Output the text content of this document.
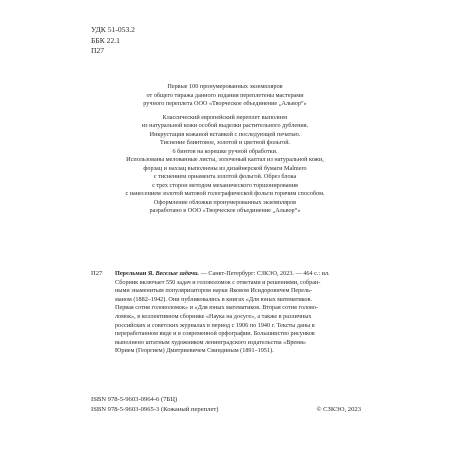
УДК 51-053.2
ББК 22.1
П27

Первые 100 пронумерованных экземпляров
от общего тиража данного издания переплетены мастерами
ручного переплета ООО «Творческое объединение „Альвор“»

Классический европейский переплет выполнен
из натуральной кожи особой выделки растительного дубления.
Инкрустация кожаной вставкой с последующей печатью.
Тиснение блинтовое, золотой и цветной фольгой.
6 бинтов на корешке ручной обработки.
Использованы мелованные листы, золоченый каптал из натуральной кожи,
форзац и нахзац выполнены из дизайнерской бумаги Malmero
с тиснением орнамента золотой фольгой. Обрез блока
с трех сторон методом механического торшонирования
с нанесением золотой матовой голографической фольги горячим способом.
Оформление обложки пронумерованных экземпляров
разработано в ООО «Творческое объединение „Альвор“»

П27 Перельман Я. Веселые задачи. — Санкт-Петербург: СЗКЭО, 2023. — 464 с.: ил.
Сборник включает 550 задач и головоломок с ответами и решениями, собран-
ными знаменитым популяризатором науки Яковом Исидоровичем Перель-
маном (1882–1942). Они публиковались в книгах «Для юных математиков.
Первая сотня головоломок» и «Для юных математиков. Вторая сотня голово-
ломок», в коллективном сборнике «Наука на досуге», а также в различных
российских и советских журналах в период с 1906 по 1940 г. Тексты даны в
переработанном виде и в современной орфографии. Большинство рисунков
выполнено штатным художником ленинградского издательства «Время»
Юрием (Георгием) Дмитриевичем Свиндиным (1891–1951).
ISBN 978-5-9603-0964-6 (7БЦ)
ISBN 978-5-9603-0965-3 (Кожаный переплет)	© СЗКЭО, 2023
